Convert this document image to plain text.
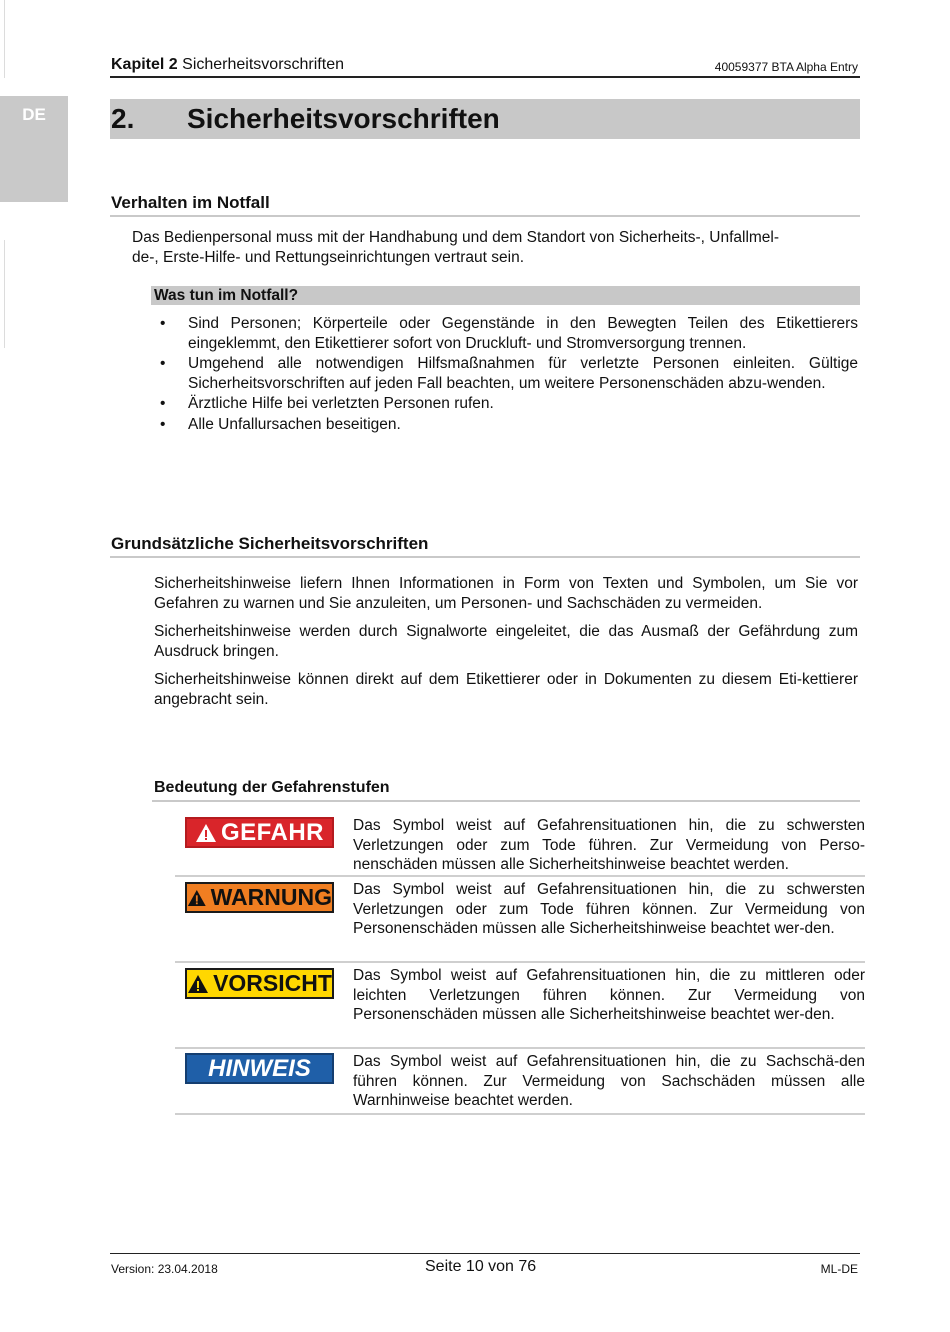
DE
Kapitel 2 Sicherheitsvorschriften	40059377 BTA Alpha Entry
2. Sicherheitsvorschriften
Verhalten im Notfall
Das Bedienpersonal muss mit der Handhabung und dem Standort von Sicherheits-, Unfallmel-
de-, Erste-Hilfe- und Rettungseinrichtungen vertraut sein.
Was tun im Notfall?
• Sind Personen; Körperteile oder Gegenstände in den Bewegten Teilen des Etikettierers eingeklemmt, den Etikettierer sofort von Druckluft- und Stromversorgung trennen.
• Umgehend alle notwendigen Hilfsmaßnahmen für verletzte Personen einleiten. Gültige Sicherheitsvorschriften auf jeden Fall beachten, um weitere Personenschäden abzu-wenden.
• Ärztliche Hilfe bei verletzten Personen rufen.
• Alle Unfallursachen beseitigen.
Grundsätzliche Sicherheitsvorschriften

Sicherheitshinweise liefern Ihnen Informationen in Form von Texten und Symbolen, um Sie vor Gefahren zu warnen und Sie anzuleiten, um Personen- und Sachschäden zu vermeiden.

Sicherheitshinweise werden durch Signalworte eingeleitet, die das Ausmaß der Gefährdung zum Ausdruck bringen.

Sicherheitshinweise können direkt auf dem Etikettierer oder in Dokumenten zu diesem Eti-kettierer angebracht sein.

Bedeutung der Gefahrenstufen
GEFAHR Das Symbol weist auf Gefahrensituationen hin, die zu schwersten Verletzungen oder zum Tode führen. Zur Vermeidung von Perso-nenschäden müssen alle Sicherheitshinweise beachtet werden.
WARNUNG Das Symbol weist auf Gefahrensituationen hin, die zu schwersten Verletzungen oder zum Tode führen können. Zur Vermeidung von Personenschäden müssen alle Sicherheitshinweise beachtet wer-den.
VORSICHT Das Symbol weist auf Gefahrensituationen hin, die zu mittleren oder leichten Verletzungen führen können. Zur Vermeidung von Personenschäden müssen alle Sicherheitshinweise beachtet wer-den.
HINWEIS	Das Symbol weist auf Gefahrensituationen hin, die zu Sachschä-den führen können. Zur Vermeidung von Sachschäden müssen alle Warnhinweise beachtet werden.
Version: 23.04.2018	Seite 10 von 76	ML-DE
